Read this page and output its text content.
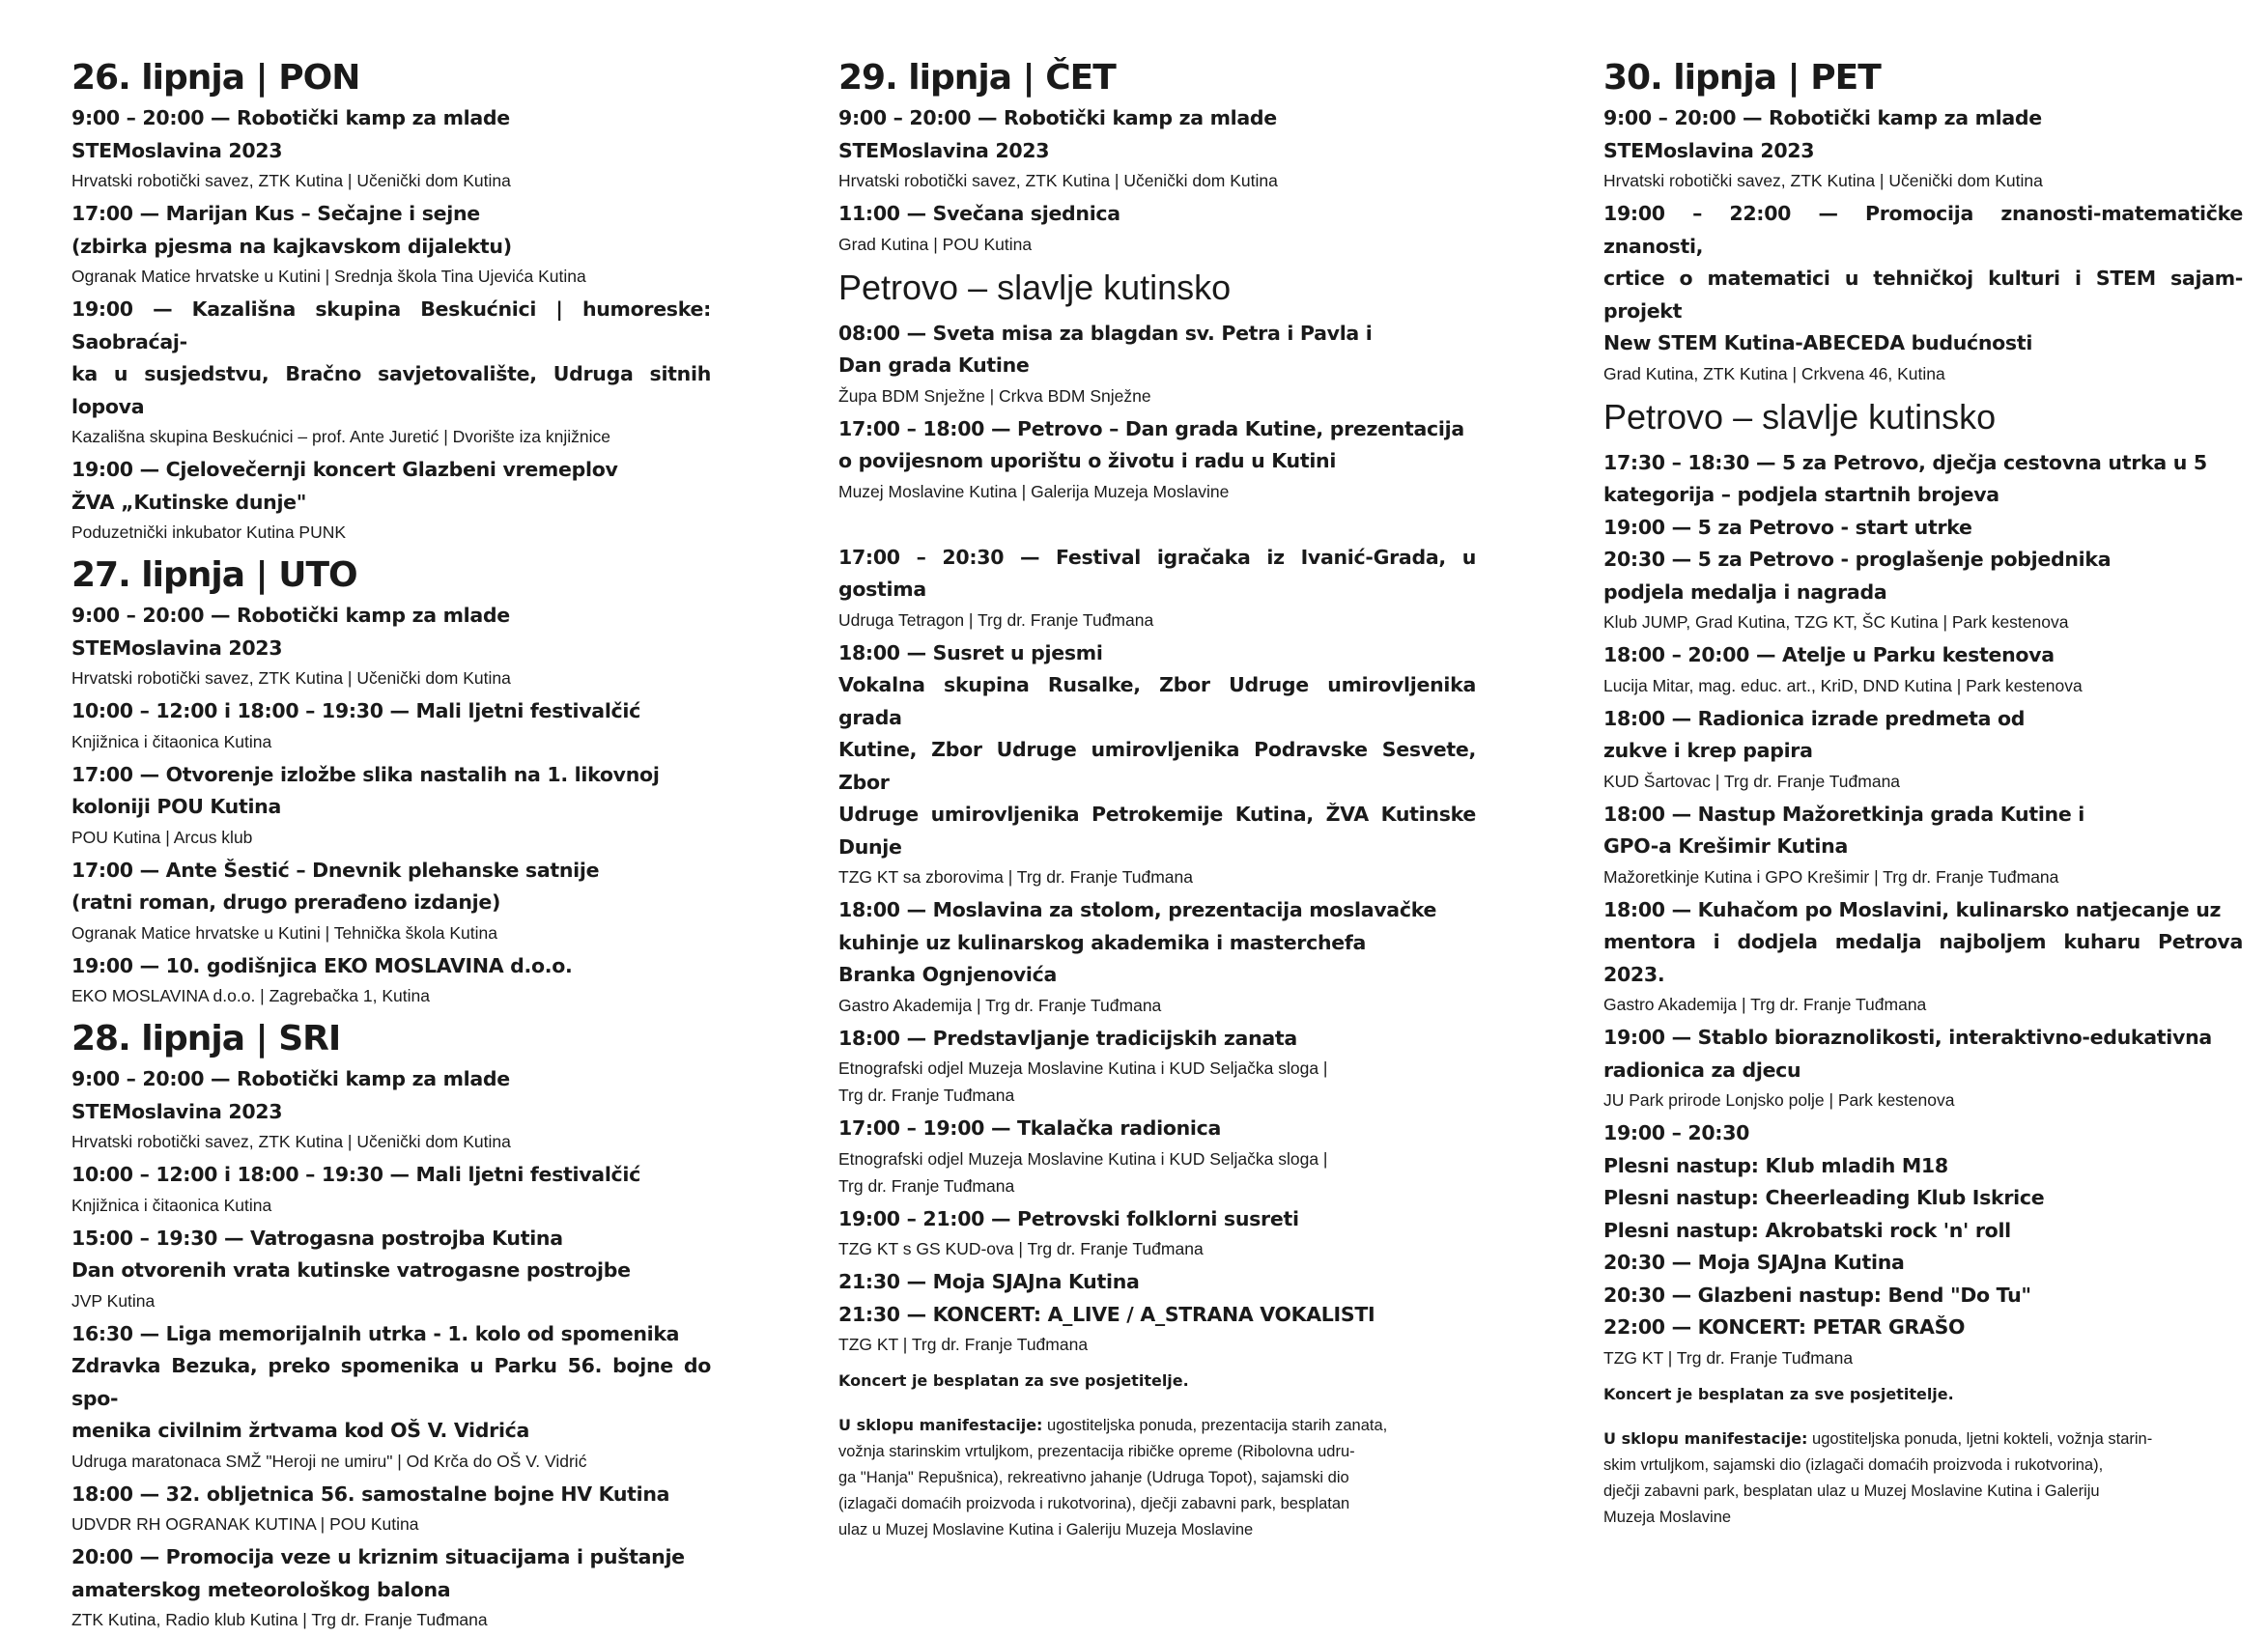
26. lipnja | PON
9:00 – 20:00 — Robotički kamp za mlade
STEMoslavina 2023
Hrvatski robotički savez, ZTK Kutina | Učenički dom Kutina
17:00 — Marijan Kus – Sečajne i sejne
(zbirka pjesma na kajkavskom dijalektu)
Ogranak Matice hrvatske u Kutini | Srednja škola Tina Ujevića Kutina
19:00 — Kazališna skupina Beskućnici | humoreske: Saobraćaj-
ka u susjedstvu, Bračno savjetovalište, Udruga sitnih lopova
Kazališna skupina Beskućnici – prof. Ante Juretić | Dvorište iza knjižnice
19:00 — Cjelovečernji koncert Glazbeni vremeplov
ŽVA „Kutinske dunje"
Poduzetnički inkubator Kutina PUNK
27. lipnja | UTO
9:00 – 20:00 — Robotički kamp za mlade
STEMoslavina 2023
Hrvatski robotički savez, ZTK Kutina | Učenički dom Kutina
10:00 – 12:00 i 18:00 – 19:30 — Mali ljetni festivalčić
Knjižnica i čitaonica Kutina
17:00 — Otvorenje izložbe slika nastalih na 1. likovnoj
koloniji POU Kutina
POU Kutina | Arcus klub
17:00 — Ante Šestić – Dnevnik plehanske satnije
(ratni roman, drugo prerađeno izdanje)
Ogranak Matice hrvatske u Kutini | Tehnička škola Kutina
19:00 — 10. godišnjica EKO MOSLAVINA d.o.o.
EKO MOSLAVINA d.o.o. | Zagrebačka 1, Kutina
28. lipnja | SRI
9:00 – 20:00 — Robotički kamp za mlade
STEMoslavina 2023
Hrvatski robotički savez, ZTK Kutina | Učenički dom Kutina
10:00 – 12:00 i 18:00 – 19:30 — Mali ljetni festivalčić
Knjižnica i čitaonica Kutina
15:00 – 19:30 — Vatrogasna postrojba Kutina
Dan otvorenih vrata kutinske vatrogasne postrojbe
JVP Kutina
16:30 — Liga memorijalnih utrka - 1. kolo od spomenika
Zdravka Bezuka, preko spomenika u Parku 56. bojne do spo-
menika civilnim žrtvama kod OŠ V. Vidrića
Udruga maratonaca SMŽ "Heroji ne umiru" | Od Krča do OŠ V. Vidrić
18:00 — 32. obljetnica 56. samostalne bojne HV Kutina
UDVDR RH OGRANAK KUTINA | POU Kutina
20:00 — Promocija veze u kriznim situacijama i puštanje
amaterskog meteorološkog balona
ZTK Kutina, Radio klub Kutina | Trg dr. Franje Tuđmana
29. lipnja | ČET
9:00 – 20:00 — Robotički kamp za mlade
STEMoslavina 2023
Hrvatski robotički savez, ZTK Kutina | Učenički dom Kutina
11:00 — Svečana sjednica
Grad Kutina | POU Kutina
Petrovo – slavlje kutinsko
08:00 — Sveta misa za blagdan sv. Petra i Pavla i
Dan grada Kutine
Župa BDM Snježne | Crkva BDM Snježne
17:00 – 18:00 — Petrovo – Dan grada Kutine, prezentacija
o povijesnom uporištu o životu i radu u Kutini
Muzej Moslavine Kutina | Galerija Muzeja Moslavine
17:00 – 20:30 — Festival igračaka iz Ivanić-Grada, u gostima
Udruga Tetragon | Trg dr. Franje Tuđmana
18:00 — Susret u pjesmi
Vokalna skupina Rusalke, Zbor Udruge umirovljenika grada
Kutine, Zbor Udruge umirovljenika Podravske Sesvete, Zbor
Udruge umirovljenika Petrokemije Kutina, ŽVA Kutinske Dunje
TZG KT sa zborovima | Trg dr. Franje Tuđmana
18:00 — Moslavina za stolom, prezentacija moslavačke
kuhinje uz kulinarskog akademika i masterchefa
Branka Ognjenovića
Gastro Akademija | Trg dr. Franje Tuđmana
18:00 — Predstavljanje tradicijskih zanata
Etnografski odjel Muzeja Moslavine Kutina i KUD Seljačka sloga |
Trg dr. Franje Tuđmana
17:00 – 19:00 — Tkalačka radionica
Etnografski odjel Muzeja Moslavine Kutina i KUD Seljačka sloga |
Trg dr. Franje Tuđmana
19:00 – 21:00 — Petrovski folklorni susreti
TZG KT s GS KUD-ova | Trg dr. Franje Tuđmana
21:30 — Moja SJAJna Kutina
21:30 — KONCERT: A_LIVE / A_STRANA VOKALISTI
TZG KT | Trg dr. Franje Tuđmana
Koncert je besplatan za sve posjetitelje.
U sklopu manifestacije: ugostiteljska ponuda, prezentacija starih zanata,
vožnja starinskim vrtuljkom, prezentacija ribičke opreme (Ribolovna udru-
ga "Hanja" Repušnica), rekreativno jahanje (Udruga Topot), sajamski dio
(izlagači domaćih proizvoda i rukotvorina), dječji zabavni park, besplatan
ulaz u Muzej Moslavine Kutina i Galeriju Muzeja Moslavine
30. lipnja | PET
9:00 – 20:00 — Robotički kamp za mlade
STEMoslavina 2023
Hrvatski robotički savez, ZTK Kutina | Učenički dom Kutina
19:00 – 22:00 — Promocija znanosti-matematičke znanosti,
crtice o matematici u tehničkoj kulturi i STEM sajam- projekt
New STEM Kutina-ABECEDA budućnosti
Grad Kutina, ZTK Kutina | Crkvena 46, Kutina
Petrovo – slavlje kutinsko
17:30 – 18:30 — 5 za Petrovo, dječja cestovna utrka u 5
kategorija – podjela startnih brojeva
19:00 — 5 za Petrovo - start utrke
20:30 — 5 za Petrovo - proglašenje pobjednika
podjela medalja i nagrada
Klub JUMP, Grad Kutina, TZG KT, ŠC Kutina | Park kestenova
18:00 – 20:00 — Atelje u Parku kestenova
Lucija Mitar, mag. educ. art., KriD, DND Kutina | Park kestenova
18:00 — Radionica izrade predmeta od
zukve i krep papira
KUD Šartovac | Trg dr. Franje Tuđmana
18:00 — Nastup Mažoretkinja grada Kutine i
GPO-a Krešimir Kutina
Mažoretkinje Kutina i GPO Krešimir | Trg dr. Franje Tuđmana
18:00 — Kuhačom po Moslavini, kulinarsko natjecanje uz
mentora i dodjela medalja najboljem kuharu Petrova 2023.
Gastro Akademija | Trg dr. Franje Tuđmana
19:00 — Stablo bioraznolikosti, interaktivno-edukativna
radionica za djecu
JU Park prirode Lonjsko polje | Park kestenova
19:00 – 20:30
Plesni nastup: Klub mladih M18
Plesni nastup: Cheerleading Klub Iskrice
Plesni nastup: Akrobatski rock 'n' roll
20:30 — Moja SJAJna Kutina
20:30 — Glazbeni nastup: Bend "Do Tu"
22:00 — KONCERT: PETAR GRAŠO
TZG KT | Trg dr. Franje Tuđmana
Koncert je besplatan za sve posjetitelje.
U sklopu manifestacije: ugostiteljska ponuda, ljetni kokteli, vožnja starin-
skim vrtuljkom, sajamski dio (izlagači domaćih proizvoda i rukotvorina),
dječji zabavni park, besplatan ulaz u Muzej Moslavine Kutina i Galeriju
Muzeja Moslavine
